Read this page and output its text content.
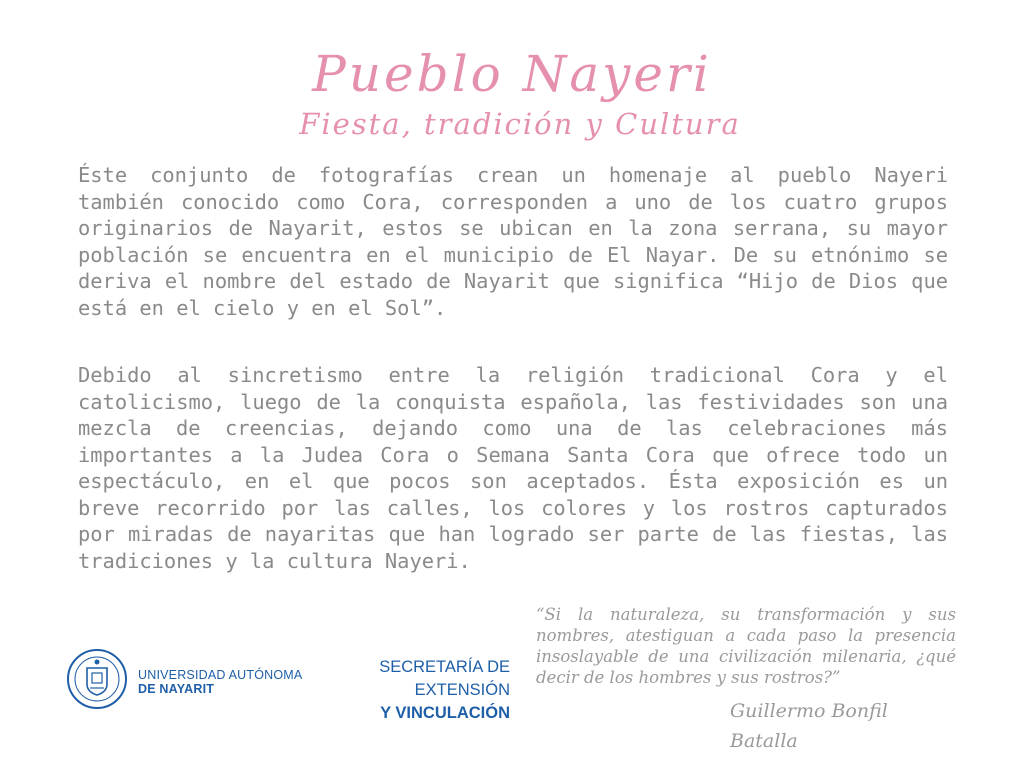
Pueblo Nayeri
Fiesta, tradición y Cultura

Éste conjunto de fotografías crean un homenaje al pueblo Nayeri también conocido como Cora, corresponden a uno de los cuatro grupos originarios de Nayarit, estos se ubican en la zona serrana, su mayor población se encuentra en el municipio de El Nayar. De su etnónimo se deriva el nombre del estado de Nayarit que significa “Hijo de Dios que está en el cielo y en el Sol”.

Debido al sincretismo entre la religión tradicional Cora y el catolicismo, luego de la conquista española, las festividades son una mezcla de creencias, dejando como una de las celebraciones más importantes a la Judea Cora o Semana Santa Cora que ofrece todo un espectáculo, en el que pocos son aceptados. Ésta exposición es un breve recorrido por las calles, los colores y los rostros capturados por miradas de nayaritas que han logrado ser parte de las fiestas, las tradiciones y la cultura Nayeri.

“Si la naturaleza, su transformación y sus nombres, atestiguan a cada paso la presencia insoslayable de una civilización milenaria, ¿qué decir de los hombres y sus rostros?”

Guillermo Bonfil Batalla
UNIVERSIDAD AUTÓNOMA
DE NAYARIT
SECRETARÍA DE EXTENSIÓN
Y VINCULACIÓN
